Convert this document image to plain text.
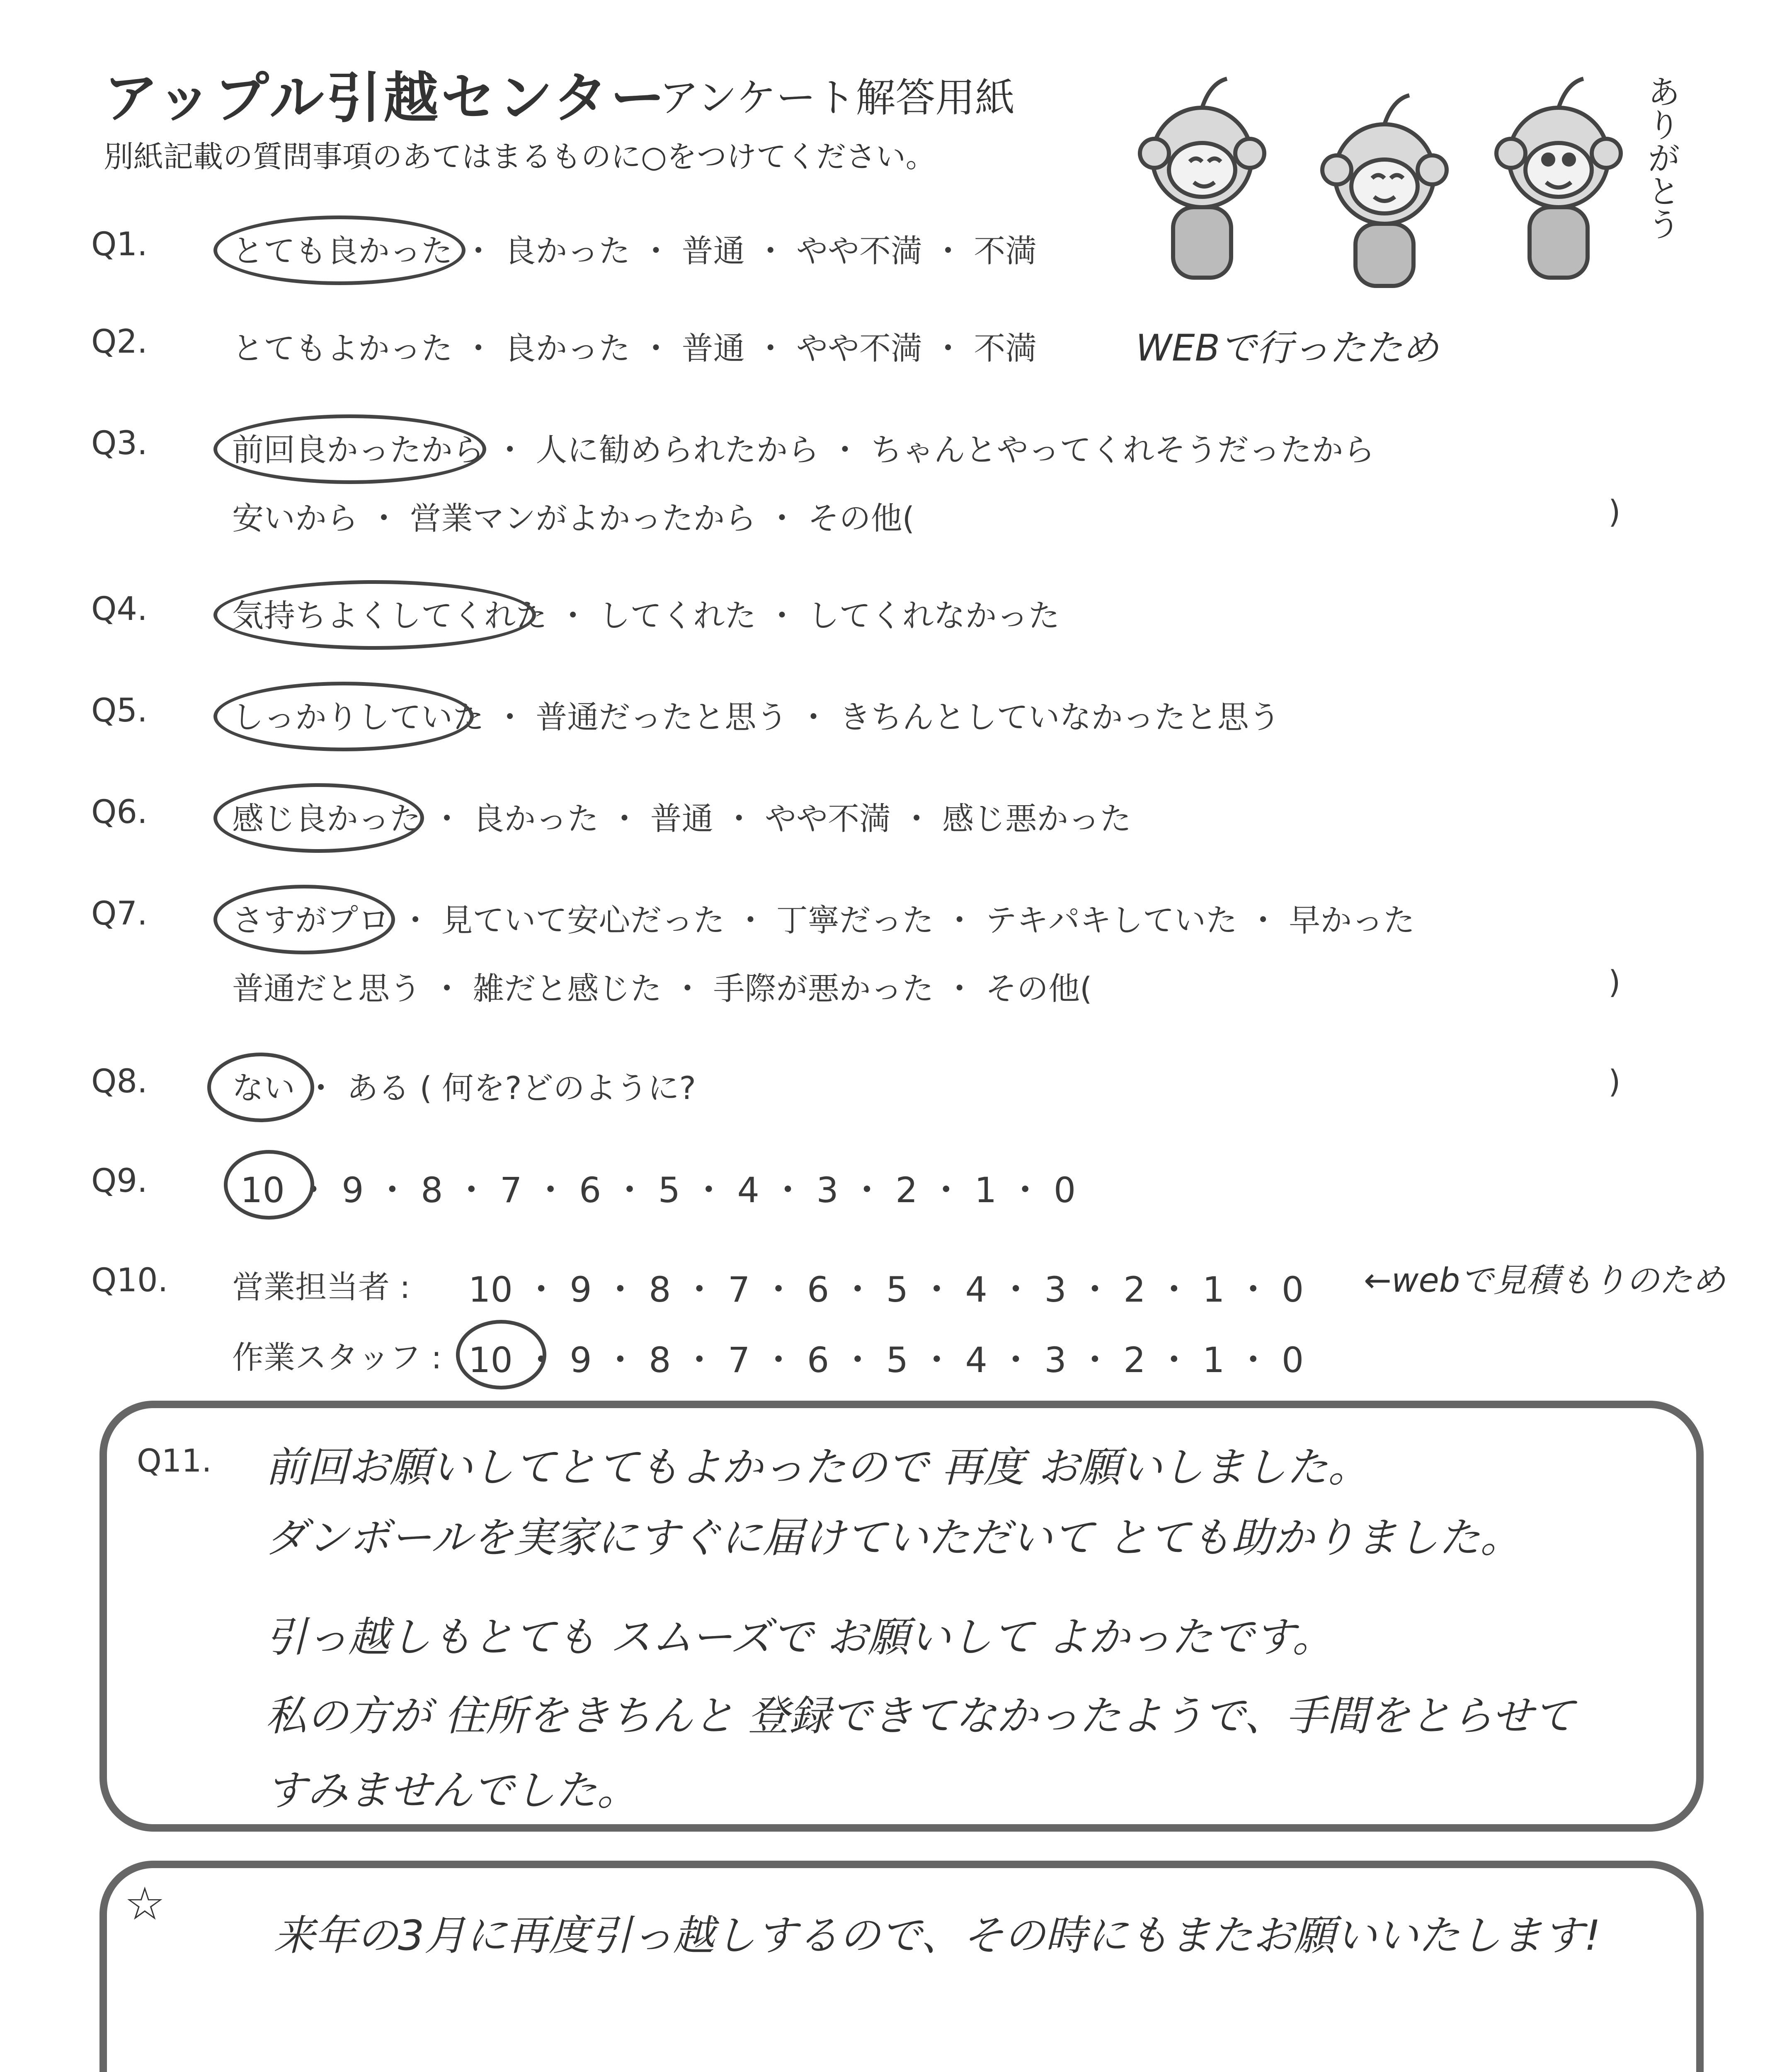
アップル引越センター
アンケート解答用紙
別紙記載の質問事項のあてはまるものに○をつけてください。	ありがとう
Q1.	とても良かった ・ 良かった ・ 普通 ・ やや不満 ・ 不満
Q2.	とてもよかった ・ 良かった ・ 普通 ・ やや不満 ・ 不満	WEBで行ったため
Q3.	前回良かったから ・ 人に勧められたから ・ ちゃんとやってくれそうだったから
安いから ・ 営業マンがよかったから ・ その他(	)
Q4.	気持ちよくしてくれた ・ してくれた ・ してくれなかった
Q5.	しっかりしていた ・ 普通だったと思う ・ きちんとしていなかったと思う
Q6.	感じ良かった ・ 良かった ・ 普通 ・ やや不満 ・ 感じ悪かった
Q7.	さすがプロ ・ 見ていて安心だった ・ 丁寧だった ・ テキパキしていた ・ 早かった
普通だと思う ・ 雑だと感じた ・ 手際が悪かった ・ その他(	)
Q8.	ない ・ ある ( 何を?どのように?	)
Q9.	10 ・ 9 ・ 8 ・ 7 ・ 6 ・ 5 ・ 4 ・ 3 ・ 2 ・ 1 ・ 0
Q10. 営業担当者 : 10 ・ 9 ・ 8 ・ 7 ・ 6 ・ 5 ・ 4 ・ 3 ・ 2 ・ 1 ・ 0 ←webで見積もりのため
作業スタッフ : 10 ・ 9 ・ 8 ・ 7 ・ 6 ・ 5 ・ 4 ・ 3 ・ 2 ・ 1 ・ 0
Q11. 前回お願いしてとてもよかったので 再度 お願いしました。
ダンボールを実家にすぐに届けていただいて とても助かりました。
引っ越しもとても スムーズで お願いして よかったです。
私の方が 住所をきちんと 登録できてなかったようで、手間をとらせて
すみませんでした。
☆
来年の3月に再度引っ越しするので、その時にもまたお願いいたします!
